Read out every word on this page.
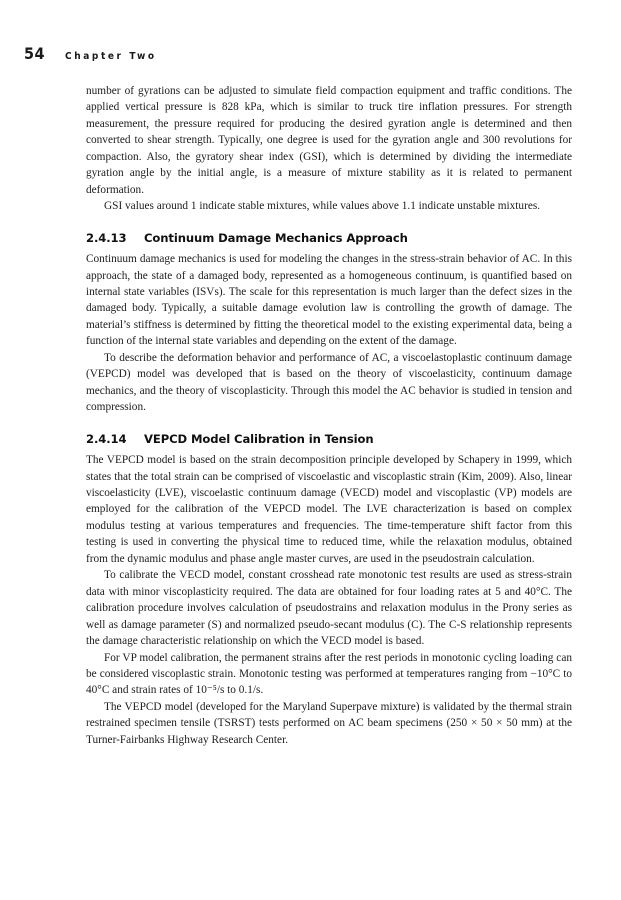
54 Chapter Two

number of gyrations can be adjusted to simulate field compaction equipment and traffic conditions. The applied vertical pressure is 828 kPa, which is similar to truck tire inflation pressures. For strength measurement, the pressure required for producing the desired gyration angle is determined and then converted to shear strength. Typically, one degree is used for the gyration angle and 300 revolutions for compaction. Also, the gyratory shear index (GSI), which is determined by dividing the intermediate gyration angle by the initial angle, is a measure of mixture stability as it is related to permanent deformation.

GSI values around 1 indicate stable mixtures, while values above 1.1 indicate unstable mixtures.

2.4.13 Continuum Damage Mechanics Approach

Continuum damage mechanics is used for modeling the changes in the stress-strain behavior of AC. In this approach, the state of a damaged body, represented as a homogeneous continuum, is quantified based on internal state variables (ISVs). The scale for this representation is much larger than the defect sizes in the damaged body. Typically, a suitable damage evolution law is controlling the growth of damage. The material’s stiffness is determined by fitting the theoretical model to the existing experimental data, being a function of the internal state variables and depending on the extent of the damage.

To describe the deformation behavior and performance of AC, a viscoelastoplastic continuum damage (VEPCD) model was developed that is based on the theory of viscoelasticity, continuum damage mechanics, and the theory of viscoplasticity. Through this model the AC behavior is studied in tension and compression.

2.4.14 VEPCD Model Calibration in Tension

The VEPCD model is based on the strain decomposition principle developed by Schapery in 1999, which states that the total strain can be comprised of viscoelastic and viscoplastic strain (Kim, 2009). Also, linear viscoelasticity (LVE), viscoelastic continuum damage (VECD) model and viscoplastic (VP) models are employed for the calibration of the VEPCD model. The LVE characterization is based on complex modulus testing at various temperatures and frequencies. The time-temperature shift factor from this testing is used in converting the physical time to reduced time, while the relaxation modulus, obtained from the dynamic modulus and phase angle master curves, are used in the pseudostrain calculation.

To calibrate the VECD model, constant crosshead rate monotonic test results are used as stress-strain data with minor viscoplasticity required. The data are obtained for four loading rates at 5 and 40°C. The calibration procedure involves calculation of pseudostrains and relaxation modulus in the Prony series as well as damage parameter (S) and normalized pseudo-secant modulus (C). The C-S relationship represents the damage characteristic relationship on which the VECD model is based.

For VP model calibration, the permanent strains after the rest periods in monotonic cycling loading can be considered viscoplastic strain. Monotonic testing was performed at temperatures ranging from −10°C to 40°C and strain rates of 10⁻⁵/s to 0.1/s.

The VEPCD model (developed for the Maryland Superpave mixture) is validated by the thermal strain restrained specimen tensile (TSRST) tests performed on AC beam specimens (250 × 50 × 50 mm) at the Turner-Fairbanks Highway Research Center.
